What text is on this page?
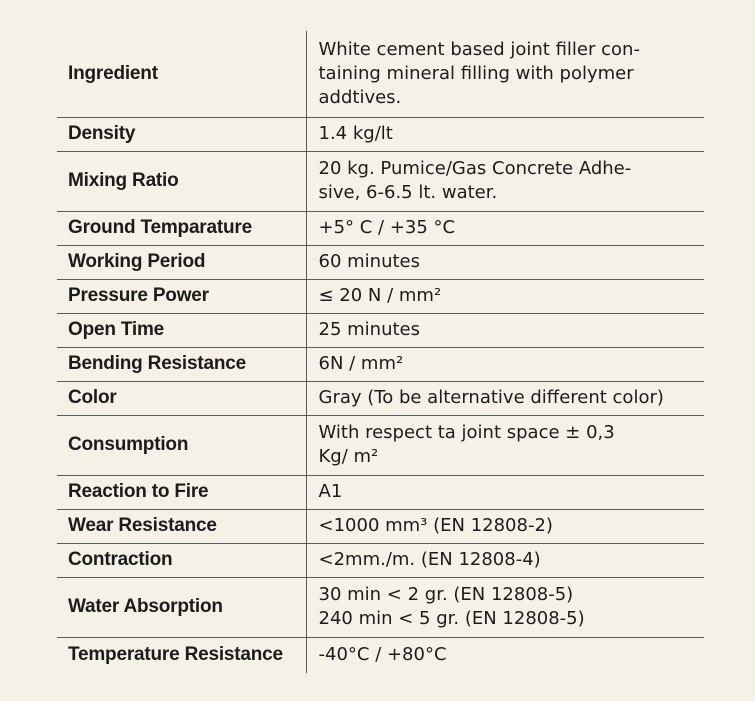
Ingredient	White cement based joint filler con-
taining mineral filling with polymer
addtives.

Density	1.4 kg/lt

Mixing Ratio	20 kg. Pumice/Gas Concrete Adhe-
sive, 6-6.5 lt. water.

Ground Temparature	+5° C / +35 °C

Working Period	60 minutes

Pressure Power	≤ 20 N / mm²

Open Time	25 minutes

Bending Resistance	6N / mm²

Color	Gray (To be alternative different color)

Consumption	With respect ta joint space ± 0,3
Kg/ m²

Reaction to Fire	A1

Wear Resistance	<1000 mm³ (EN 12808-2)

Contraction	<2mm./m. (EN 12808-4)

Water Absorption	30 min < 2 gr. (EN 12808-5)
240 min < 5 gr. (EN 12808-5)

Temperature Resistance	-40°C / +80°C
